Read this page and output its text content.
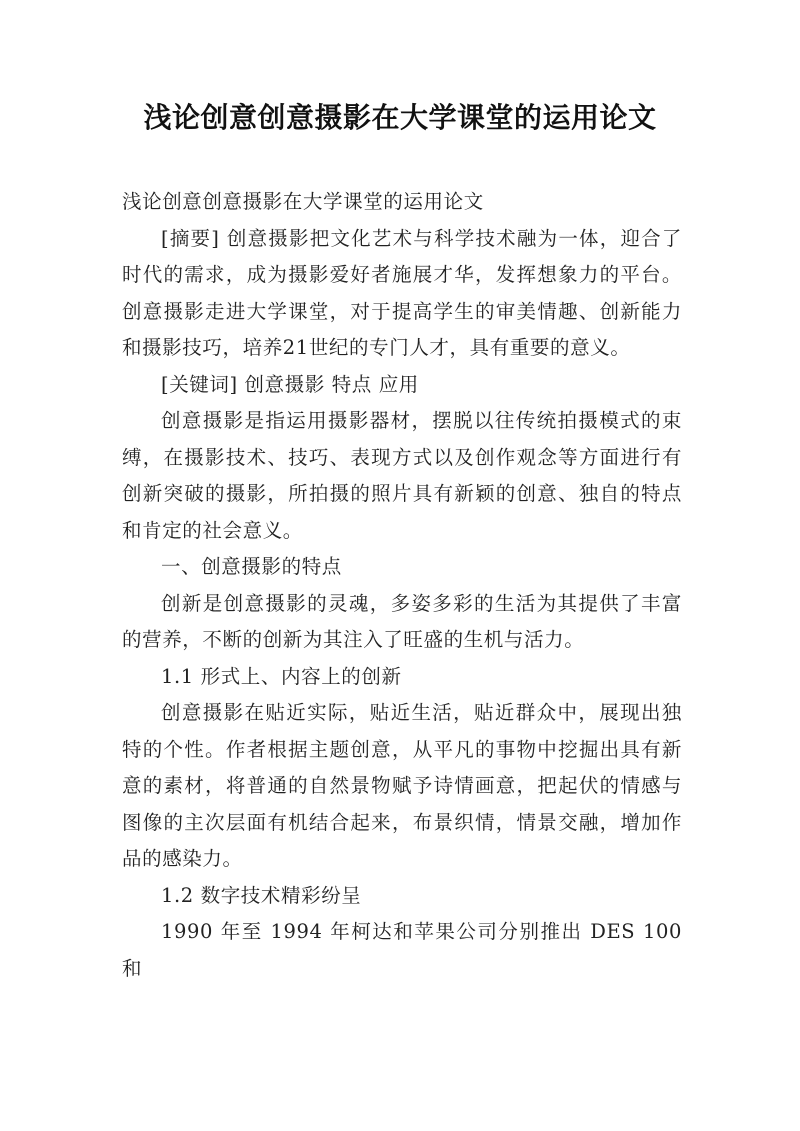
浅论创意创意摄影在大学课堂的运用论文

浅论创意创意摄影在大学课堂的运用论文

[摘要] 创意摄影把文化艺术与科学技术融为一体，迎合了时代的需求，成为摄影爱好者施展才华，发挥想象力的平台。创意摄影走进大学课堂，对于提高学生的审美情趣、创新能力和摄影技巧，培养21世纪的专门人才，具有重要的意义。

[关键词] 创意摄影 特点 应用

创意摄影是指运用摄影器材，摆脱以往传统拍摄模式的束缚，在摄影技术、技巧、表现方式以及创作观念等方面进行有创新突破的摄影，所拍摄的照片具有新颖的创意、独自的特点和肯定的社会意义。

一、创意摄影的特点

创新是创意摄影的灵魂，多姿多彩的生活为其提供了丰富的营养，不断的创新为其注入了旺盛的生机与活力。

1.1 形式上、内容上的创新

创意摄影在贴近实际，贴近生活，贴近群众中，展现出独特的个性。作者根据主题创意，从平凡的事物中挖掘出具有新意的素材，将普通的自然景物赋予诗情画意，把起伏的情感与图像的主次层面有机结合起来，布景织情，情景交融，增加作品的感染力。

1.2 数字技术精彩纷呈

1990 年至 1994 年柯达和苹果公司分别推出 DES 100 和
